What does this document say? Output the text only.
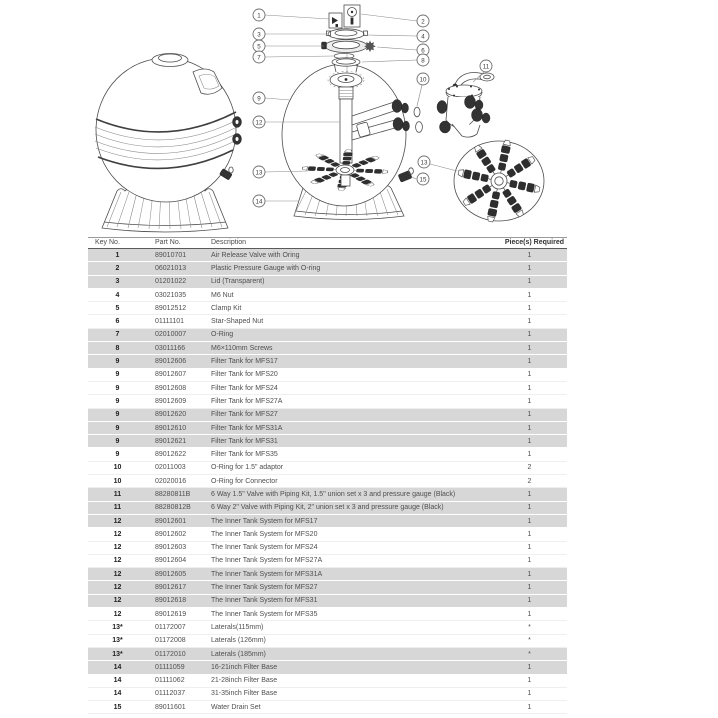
1
2
3	4
5
6
7	8
9
10
11
12
13
14
13
15
Key No.	Part No.	Description	Piece(s) Required
1	89010701	Air Release Valve with Oring	1
2	06021013	Plastic Pressure Gauge with O-ring	1
3	01201022	Lid (Transparent)	1
4	03021035	M6 Nut	1
5	89012512	Clamp Kit	1
6	01111101	Star-Shaped Nut	1
7	02010007	O-Ring	1
8	03011166	M6×110mm Screws	1
9	89012606	Filter Tank for MFS17	1
9	89012607	Filter Tank for MFS20	1
9	89012608	Filter Tank for MFS24	1
9	89012609	Filter Tank for MFS27A	1
9	89012620	Filter Tank for MFS27	1
9	89012610	Filter Tank for MFS31A	1
9	89012621	Filter Tank for MFS31	1
9	89012622	Filter Tank for MFS35	1
10	02011003	O-Ring for 1.5" adaptor	2
10	02020016	O-Ring for Connector	2
11	88280811B	6 Way 1.5" Valve with Piping Kit, 1.5" union set x 3 and pressure gauge (Black)	1
11	88280812B	6 Way 2" Valve with Piping Kit, 2" union set x 3 and pressure gauge (Black)	1
12	89012601	The Inner Tank System for MFS17	1
12	89012602	The Inner Tank System for MFS20	1
12	89012603	The Inner Tank System for MFS24	1
12	89012604	The Inner Tank System for MFS27A	1
12	89012605	The Inner Tank System for MFS31A	1
12	89012617	The Inner Tank System for MFS27	1
12	89012618	The Inner Tank System for MFS31	1
12	89012619	The Inner Tank System for MFS35	1
13*	01172007	Laterals(115mm)	*
13*	01172008	Laterals (126mm)	*
13*	01172010	Laterals (185mm)	*
14	01111059	16-21inch Filter Base	1
14	01111062	21-28inch Filter Base	1
14	01112037	31-35inch Filter Base	1
15	89011601	Water Drain Set	1
